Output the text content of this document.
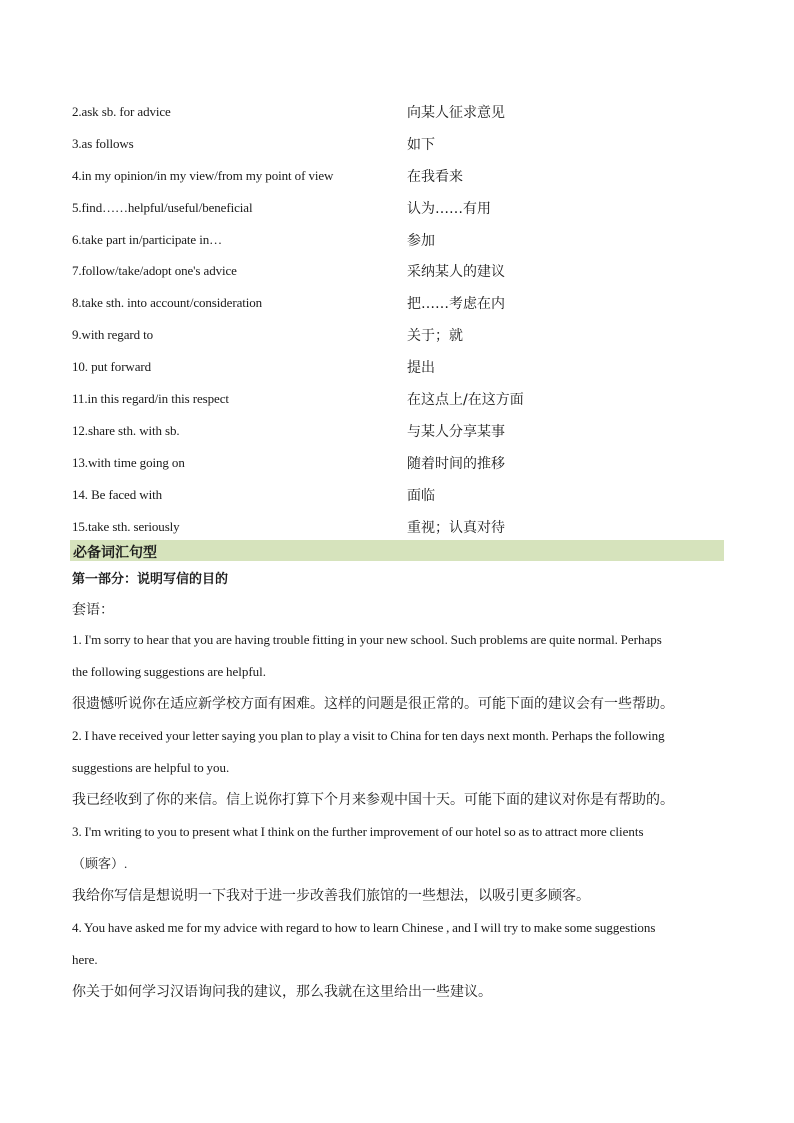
2.ask sb. for advice	向某人征求意见
3.as follows	如下
4.in my opinion/in my view/from my point of view	在我看来
5.find……helpful/useful/beneficial	认为……有用
6.take part in/participate in…	参加
7.follow/take/adopt one's advice	采纳某人的建议
8.take sth. into account/consideration	把……考虑在内
9.with regard to	关于；就
10. put forward	提出
11.in this regard/in this respect	在这点上/在这方面
12.share sth. with sb.	与某人分享某事
13.with time going on	随着时间的推移
14. Be faced with	面临
15.take sth. seriously	重视；认真对待
必备词汇句型
第一部分：说明写信的目的
套语：
1. I'm sorry to hear that you are having trouble fitting in your new school. Such problems are quite normal. Perhaps
the following suggestions are helpful.
很遗憾听说你在适应新学校方面有困难。这样的问题是很正常的。可能下面的建议会有一些帮助。
2. I have received your letter saying you plan to play a visit to China for ten days next month. Perhaps the following
suggestions are helpful to you.
我已经收到了你的来信。信上说你打算下个月来参观中国十天。可能下面的建议对你是有帮助的。
3. I'm writing to you to present what I think on the further improvement of our hotel so as to attract more clients
（顾客）.
我给你写信是想说明一下我对于进一步改善我们旅馆的一些想法，以吸引更多顾客。
4. You have asked me for my advice with regard to how to learn Chinese , and I will try to make some suggestions
here.
你关于如何学习汉语询问我的建议，那么我就在这里给出一些建议。
